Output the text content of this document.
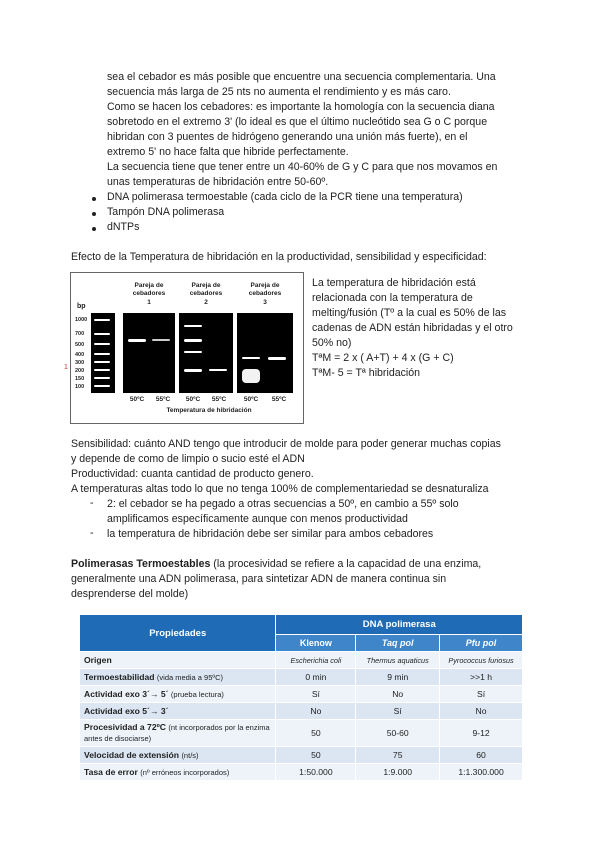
sea el cebador es más posible que encuentre una secuencia complementaria. Una
secuencia más larga de 25 nts no aumenta el rendimiento y es más caro.
Como se hacen los cebadores: es importante la homología con la secuencia diana
sobretodo en el extremo 3' (lo ideal es que el último nucleótido sea G o C porque
hibridan con 3 puentes de hidrógeno generando una unión más fuerte), en el
extremo 5' no hace falta que hibride perfectamente.
La secuencia tiene que tener entre un 40-60% de G y C para que nos movamos en
unas temperaturas de hibridación entre 50-60º.
DNA polimerasa termoestable (cada ciclo de la PCR tiene una temperatura)
Tampón DNA polimerasa
dNTPs
Efecto de la Temperatura de hibridación en la productividad, sensibilidad y especificidad:
bp
1000
700
500
400
300
200
150
100
Pareja de cebadores
1
50ºC	55ºC
Pareja de cebadores
2
50ºC	55ºC
Pareja de cebadores
3
50ºC	55ºC
Temperatura de hibridación
1
La temperatura de hibridación está
relacionada con la temperatura de
melting/fusión (Tº a la cual es 50% de las
cadenas de ADN están hibridadas y el otro
50% no)
TªM = 2 x ( A+T) + 4 x (G + C)
TªM- 5 = Tª hibridación
Sensibilidad: cuánto AND tengo que introducir de molde para poder generar muchas copias
y depende de como de limpio o sucio esté el ADN
Productividad: cuanta cantidad de producto genero.
A temperaturas altas todo lo que no tenga 100% de complementariedad se desnaturaliza
- 2: el cebador se ha pegado a otras secuencias a 50º, en cambio a 55º solo
amplificamos específicamente aunque con menos productividad
- la temperatura de hibridación debe ser similar para ambos cebadores
Polimerasas Termoestables (la procesividad se refiere a la capacidad de una enzima,
generalmente una ADN polimerasa, para sintetizar ADN de manera continua sin
desprenderse del molde)
Propiedades	DNA polimerasa		
	Klenow	Taq pol	Pfu pol
Origen	Escherichia coli	Thermus aquaticus	Pyrococcus furiosus
Termoestabilidad (vida media a 95ºC)	0 min	9 min	>>1 h
Actividad exo 3´→ 5´ (prueba lectura)	Sí	No	Sí
Actividad exo 5´→ 3´	No	Sí	No
Procesividad a 72ºC (nt incorporados por la enzima antes de disociarse)	50	50-60	9-12
Velocidad de extensión (nt/s)	50	75	60
Tasa de error (nº erróneos incorporados)	1:50.000	1:9.000	1:1.300.000
